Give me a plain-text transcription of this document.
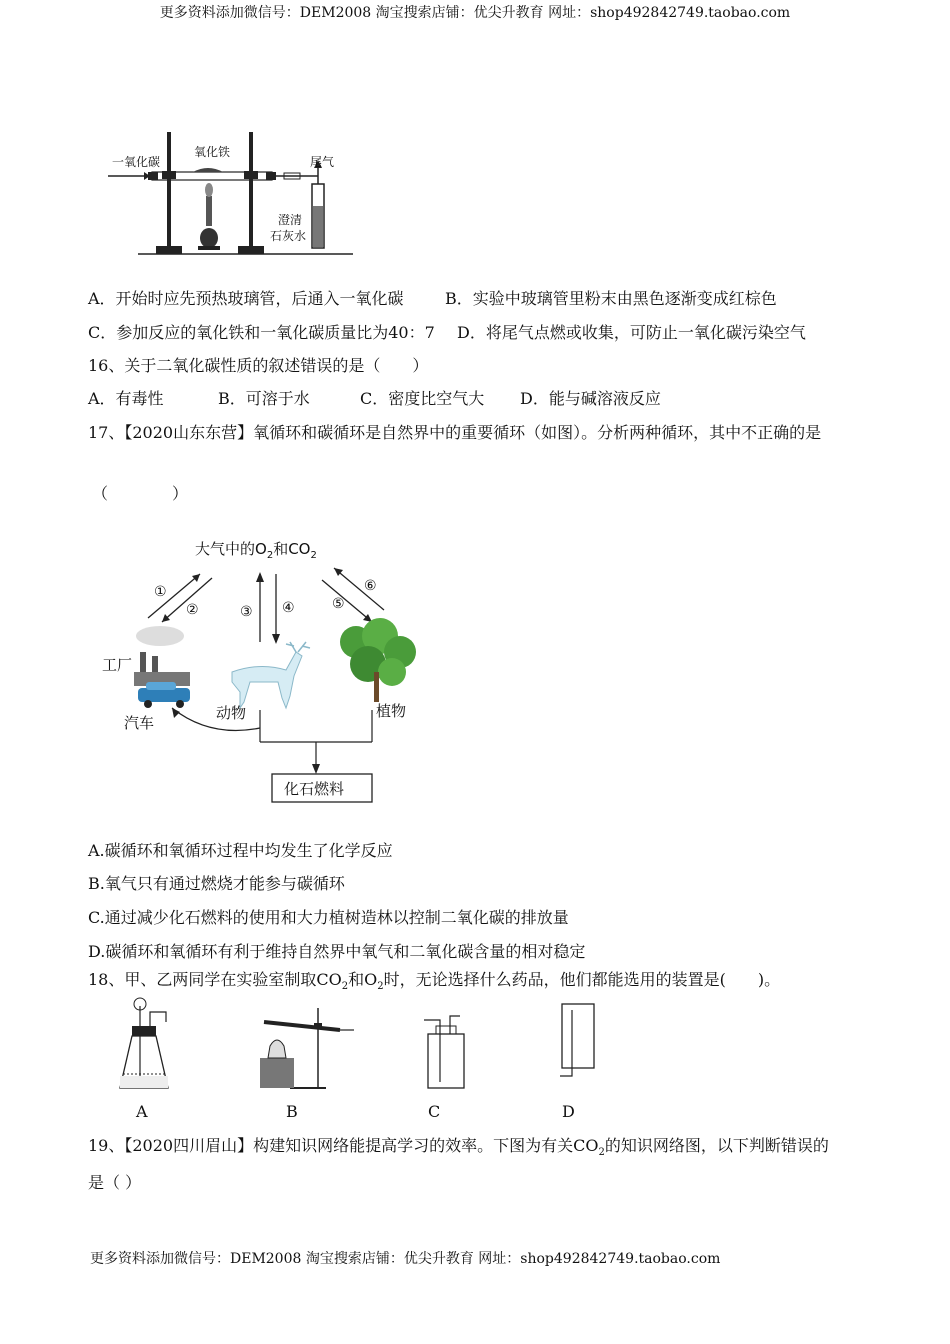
更多资料添加微信号：DEM2008 淘宝搜索店铺：优尖升教育 网址：shop492842749.taobao.com
一氧化碳
氧化铁
尾气
澄清
石灰水
A．开始时应先预热玻璃管，后通入一氧化碳	B．实验中玻璃管里粉末由黑色逐渐变成红棕色
C．参加反应的氧化铁和一氧化碳质量比为40：7 D．将尾气点燃或收集，可防止一氧化碳污染空气
16、关于二氧化碳性质的叙述错误的是（　　）
A．有毒性	B．可溶于水	C．密度比空气大 D．能与碱溶液反应
17、【2020山东东营】氧循环和碳循环是自然界中的重要循环（如图）。分析两种循环，其中不正确的是
（　　　　）
大气中的$O_2$和$CO_2$
①
②	③ ④
⑥
⑤
工厂
汽车
动物	植物
化石燃料
A.碳循环和氧循环过程中均发生了化学反应
B.氧气只有通过燃烧才能参与碳循环
C.通过减少化石燃料的使用和大力植树造林以控制二氧化碳的排放量
D.碳循环和氧循环有利于维持自然界中氧气和二氧化碳含量的相对稳定
18、甲、乙两同学在实验室制取$CO_2$和$O_2$时，无论选择什么药品，他们都能选用的装置是(　　)。
A	B	C	D
19、【2020四川眉山】构建知识网络能提高学习的效率。下图为有关$CO_2$的知识网络图，以下判断错误的
是（ ）
更多资料添加微信号：DEM2008 淘宝搜索店铺：优尖升教育 网址：shop492842749.taobao.com
